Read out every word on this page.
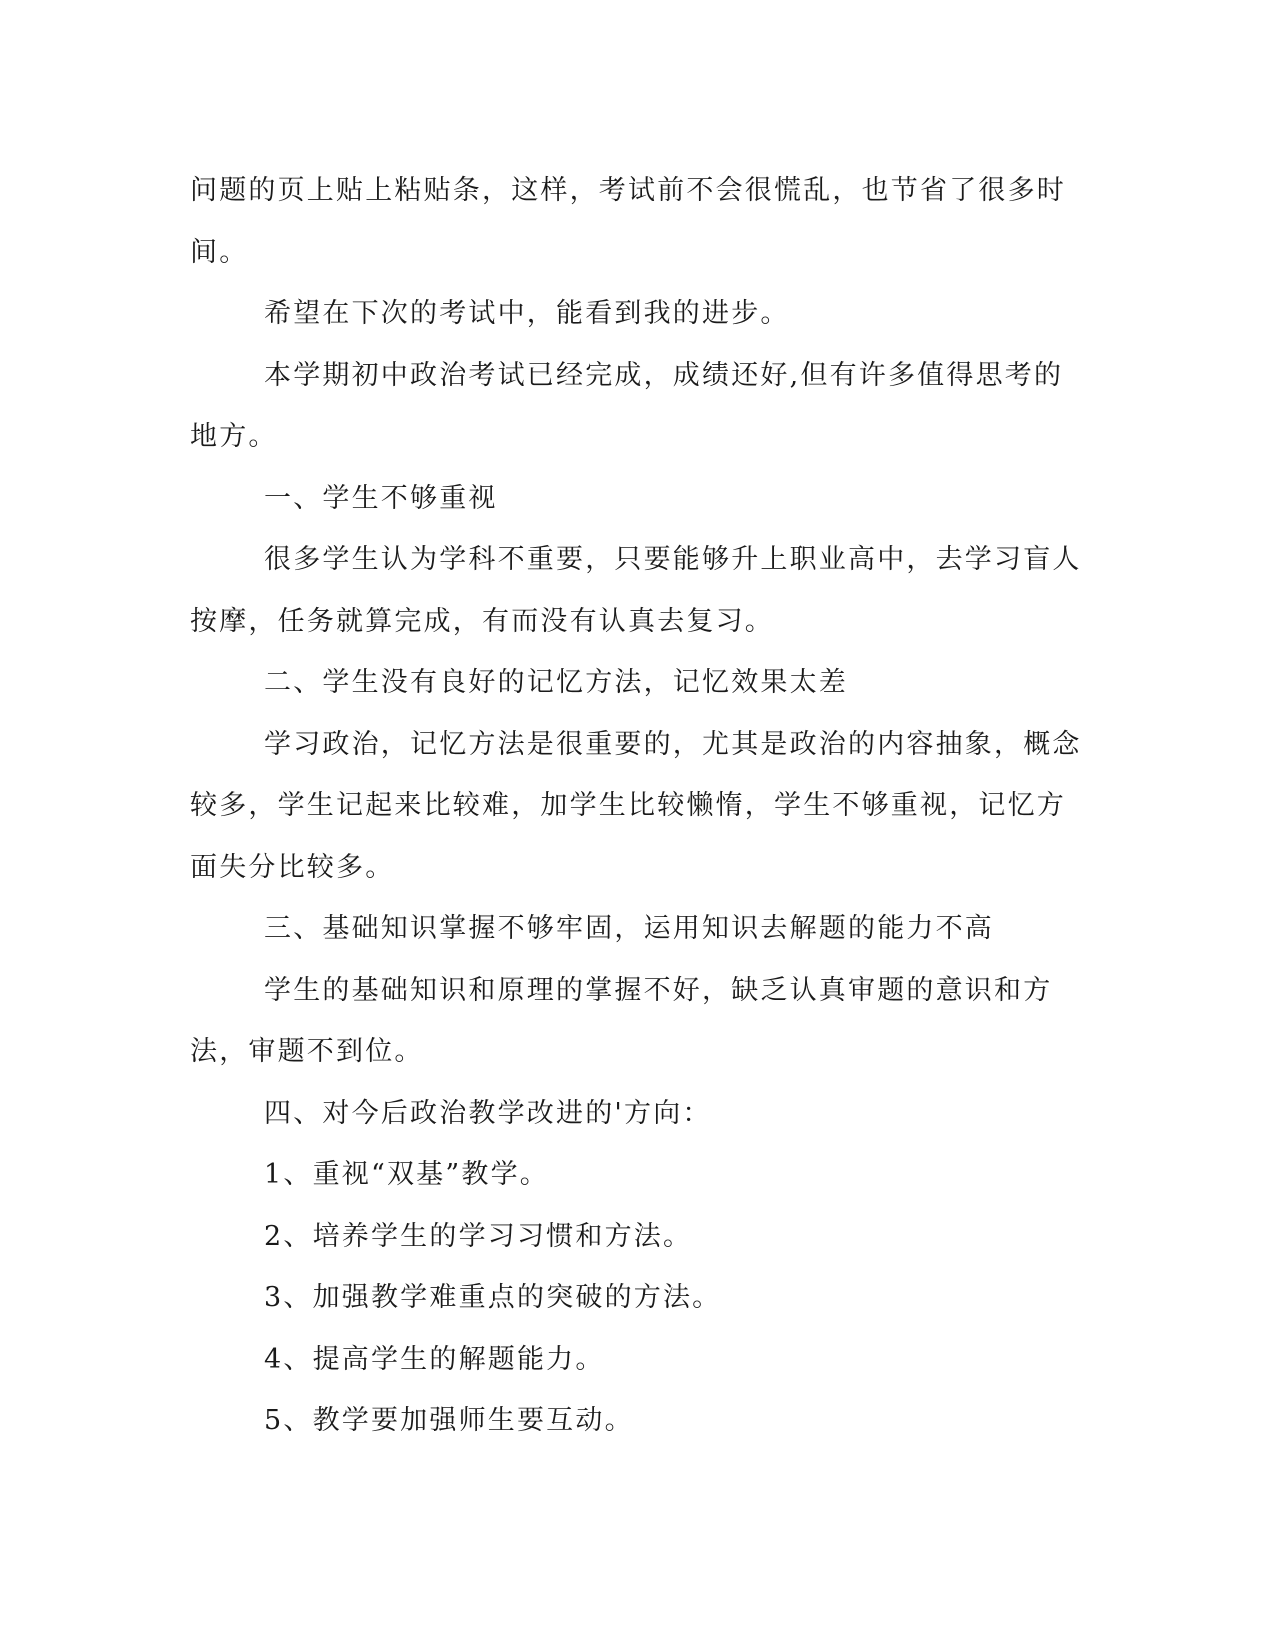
问题的页上贴上粘贴条，这样，考试前不会很慌乱，也节省了很多时间。

希望在下次的考试中，能看到我的进步。

本学期初中政治考试已经完成，成绩还好,但有许多值得思考的地方。

一、学生不够重视

很多学生认为学科不重要，只要能够升上职业高中，去学习盲人按摩，任务就算完成，有而没有认真去复习。

二、学生没有良好的记忆方法，记忆效果太差

学习政治，记忆方法是很重要的，尤其是政治的内容抽象，概念较多，学生记起来比较难，加学生比较懒惰，学生不够重视，记忆方面失分比较多。

三、基础知识掌握不够牢固，运用知识去解题的能力不高

学生的基础知识和原理的掌握不好，缺乏认真审题的意识和方法，审题不到位。

四、对今后政治教学改进的'方向：

1、重视“双基”教学。

2、培养学生的学习习惯和方法。

3、加强教学难重点的突破的方法。

4、提高学生的解题能力。

5、教学要加强师生要互动。
